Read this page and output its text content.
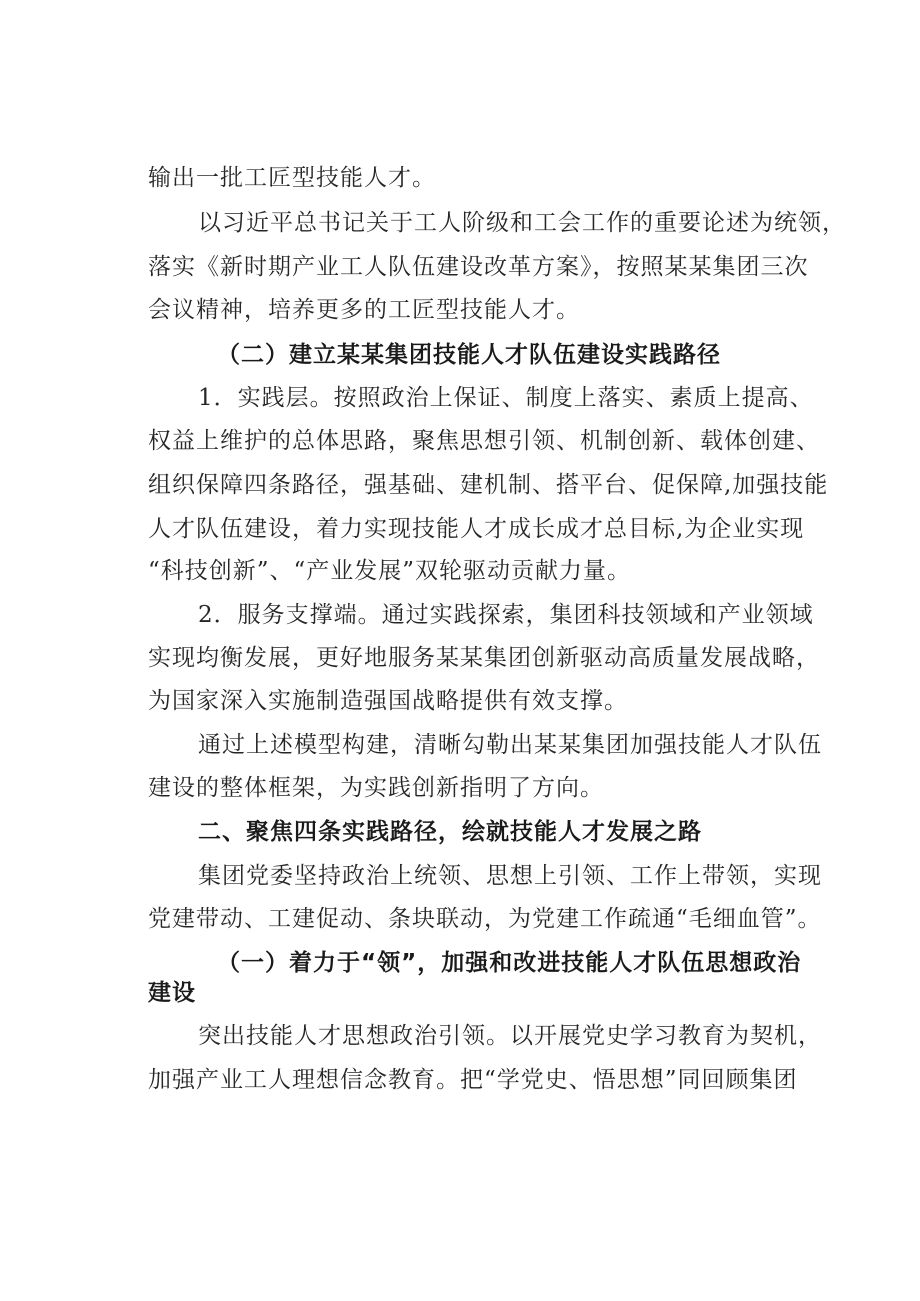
输出一批工匠型技能人才。

以习近平总书记关于工人阶级和工会工作的重要论述为统领，

落实《新时期产业工人队伍建设改革方案》，按照某某集团三次

会议精神，培养更多的工匠型技能人才。

（二）建立某某集团技能人才队伍建设实践路径

1．实践层。按照政治上保证、制度上落实、素质上提高、

权益上维护的总体思路，聚焦思想引领、机制创新、载体创建、

组织保障四条路径，强基础、建机制、搭平台、促保障,加强技能

人才队伍建设，着力实现技能人才成长成才总目标,为企业实现

“科技创新”、“产业发展”双轮驱动贡献力量。

2．服务支撑端。通过实践探索，集团科技领域和产业领域

实现均衡发展，更好地服务某某集团创新驱动高质量发展战略，

为国家深入实施制造强国战略提供有效支撑。

通过上述模型构建，清晰勾勒出某某集团加强技能人才队伍

建设的整体框架，为实践创新指明了方向。

二、聚焦四条实践路径，绘就技能人才发展之路

集团党委坚持政治上统领、思想上引领、工作上带领，实现

党建带动、工建促动、条块联动，为党建工作疏通“毛细血管”。

（一）着力于“领”，加强和改进技能人才队伍思想政治

建设

突出技能人才思想政治引领。以开展党史学习教育为契机，

加强产业工人理想信念教育。把“学党史、悟思想”同回顾集团
